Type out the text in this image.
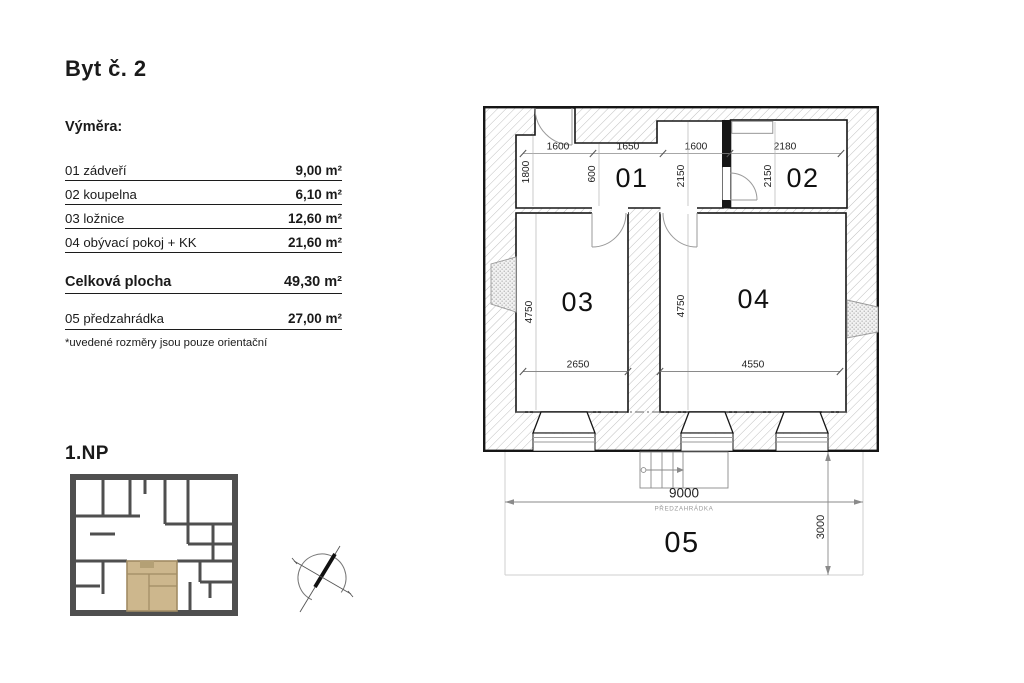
Byt č. 2
Výměra:
01 zádveří	9,00 m²
02 koupelna	6,10 m²
03 ložnice	12,60 m²
04 obývací pokoj + KK	21,60 m²
Celková plocha	49,30 m²
05 předzahrádka	27,00 m²
*uvedené rozměry jsou pouze orientační
1.NP
9000
PŘEDZAHRÁDKA
3000
1600	1650	1600	2180
1800	600	2150	2150
4750	4750
2650	4550
01	02
03	04
05
